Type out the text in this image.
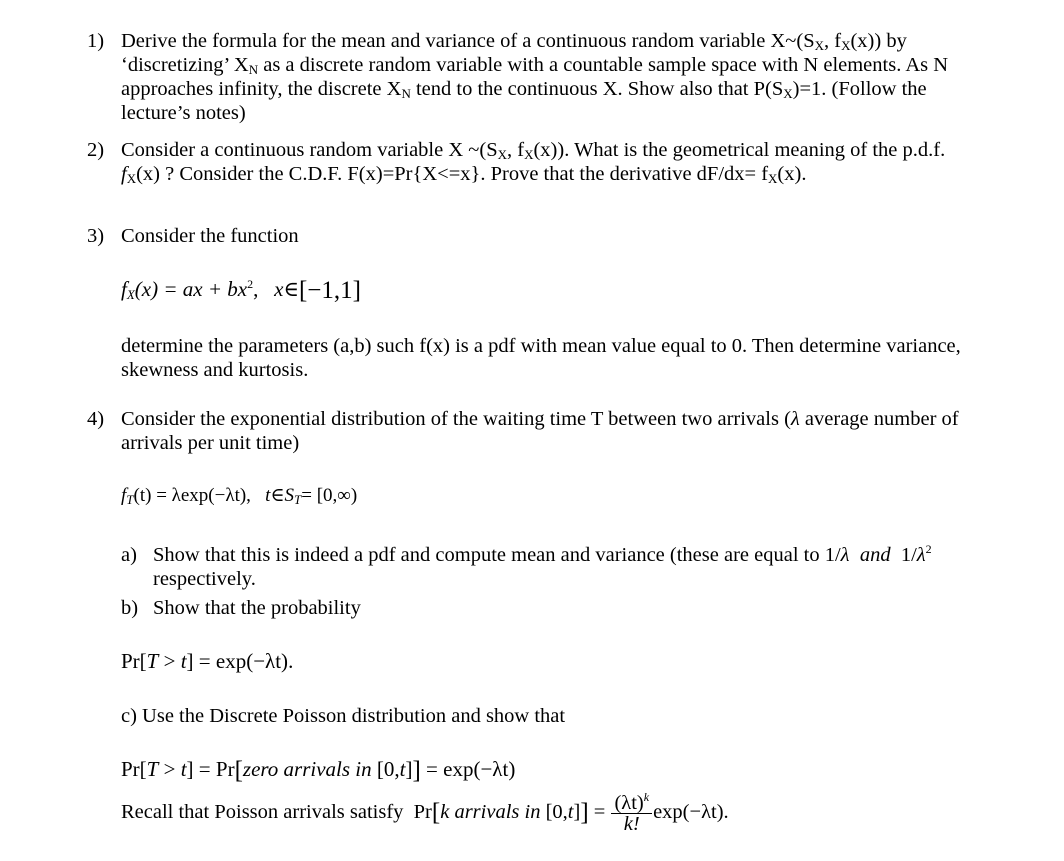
1) Derive the formula for the mean and variance of a continuous random variable $X\sim(S_X$, $f_X(x)$) by
‘discretizing’ $X_N$ as a discrete random variable with a countable sample space with N elements. As N
approaches infinity, the discrete $X_N$ tend to the continuous X. Show also that $P(S_X)=1$. (Follow the
lecture’s notes)
2) Consider a continuous random variable X $\sim(S_X$, $f_X(x)$). What is the geometrical meaning of the p.d.f.
$f_X(x)$ ? Consider the C.D.F. F(x)=Pr{X<=x}. Prove that the derivative $dF/dx= f_X(x)$.
3) Consider the function
$f_X(x)$ = ax + $bx^2$,   x∈[−1,1]
determine the parameters (a,b) such f(x) is a pdf with mean value equal to 0. Then determine variance,
skewness and kurtosis.
4) Consider the exponential distribution of the waiting time T between two arrivals (λ average number of
arrivals per unit time)
$f_T(t) = \lambda\exp(-\lambda t)$, $t\in S_T= [0,\infty)$
a) Show that this is indeed a pdf and compute mean and variance (these are equal to 1/λ and $1/\lambda^2$
respectively.
b) Show that the probability
Pr[T > t] = exp(−λt).
c) Use the Discrete Poisson distribution and show that
Pr[T > t] = Pr[zero arrivals in [0,t]] = exp(−λt)
Recall that Poisson arrivals satisfy Pr[k arrivals in $[0,t]] = \frac{(\lambda t)^k}{k!} \exp(-\lambda t)$.
